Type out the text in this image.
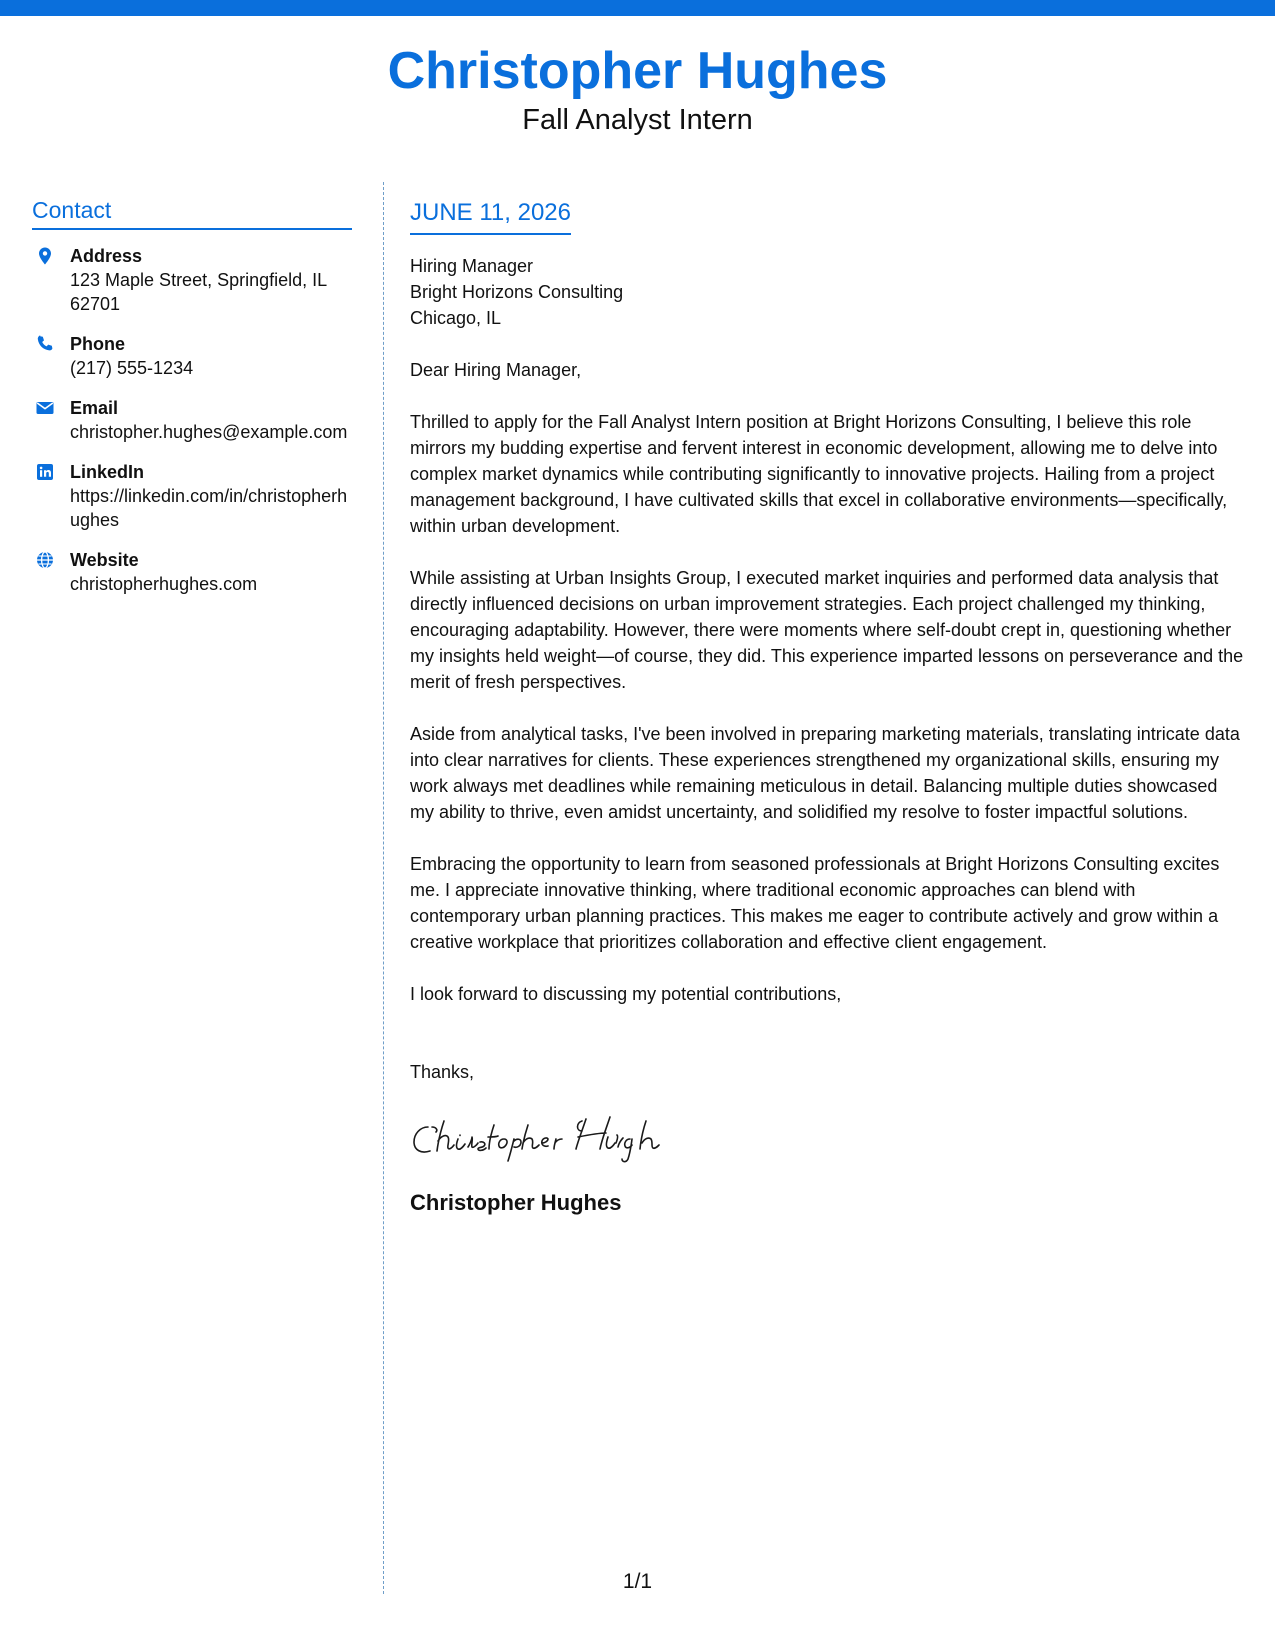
Christopher Hughes
Fall Analyst Intern
Contact
Address
123 Maple Street, Springfield, IL 62701
Phone
(217) 555-1234
Email
christopher.hughes@example.com
LinkedIn
https://linkedin.com/in/christopherhughes
Website
christopherhughes.com
JUNE 11, 2026
Hiring Manager
Bright Horizons Consulting
Chicago, IL
Dear Hiring Manager,
Thrilled to apply for the Fall Analyst Intern position at Bright Horizons Consulting, I believe this role mirrors my budding expertise and fervent interest in economic development, allowing me to delve into complex market dynamics while contributing significantly to innovative projects. Hailing from a project management background, I have cultivated skills that excel in collaborative environments—specifically, within urban development.
While assisting at Urban Insights Group, I executed market inquiries and performed data analysis that directly influenced decisions on urban improvement strategies. Each project challenged my thinking, encouraging adaptability. However, there were moments where self-doubt crept in, questioning whether my insights held weight—of course, they did. This experience imparted lessons on perseverance and the merit of fresh perspectives.
Aside from analytical tasks, I've been involved in preparing marketing materials, translating intricate data into clear narratives for clients. These experiences strengthened my organizational skills, ensuring my work always met deadlines while remaining meticulous in detail. Balancing multiple duties showcased my ability to thrive, even amidst uncertainty, and solidified my resolve to foster impactful solutions.
Embracing the opportunity to learn from seasoned professionals at Bright Horizons Consulting excites me. I appreciate innovative thinking, where traditional economic approaches can blend with contemporary urban planning practices. This makes me eager to contribute actively and grow within a creative workplace that prioritizes collaboration and effective client engagement.
I look forward to discussing my potential contributions,
Thanks,
Christopher Hughes
1/1
